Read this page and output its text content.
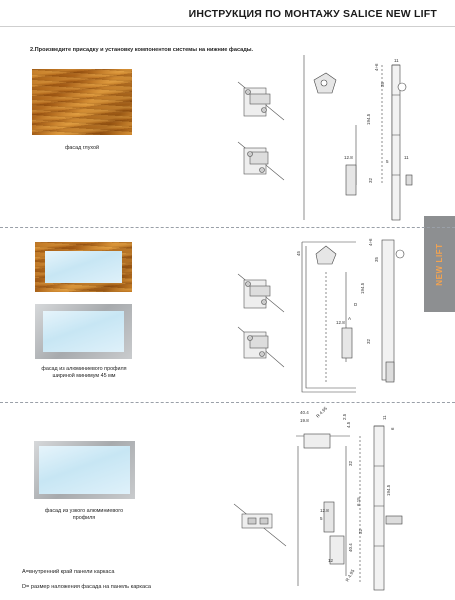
ИНСТРУКЦИЯ ПО МОНТАЖУ SALICE NEW LIFT
2.Произведите присадку и установку компонентов системы на нижние фасады.
NEW LIFT
фасад глухой
11
4÷6
35
194.5
12.8
5
32
11
фасад из алюминиевого профиля
шириной минимум 45 мм
45
4÷6
35
194.5
D
12.8
32
A
фасад из узкого алюминиевого
профиля
40.4
19.8
R 4.95	2.5
4.5
11
6
32
194.5
12.8
5
6.15
32
40.4
12
R 4.95
A=внутренний край панели каркаса
D= размер наложения фасада на панель каркаса
